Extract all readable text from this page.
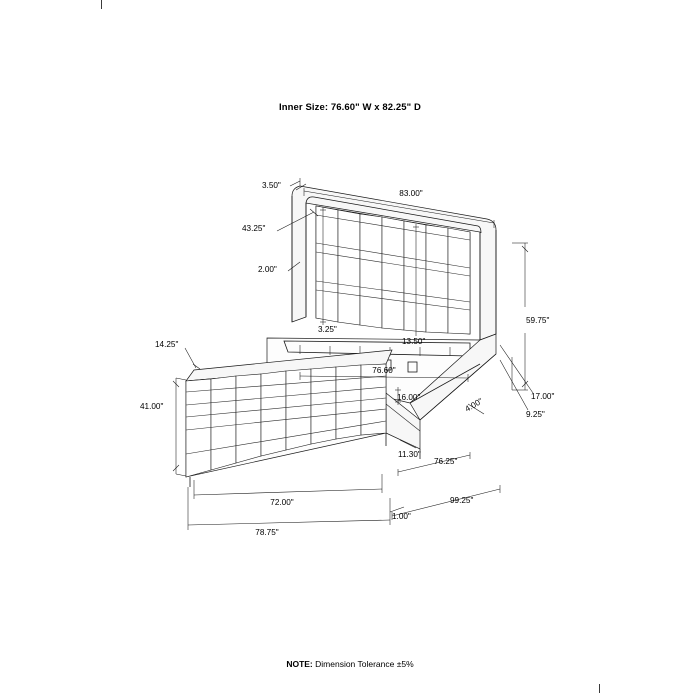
Inner Size: 76.60" W x 82.25" D
3.50"
83.00"
43.25"
2.00"
3.25"
13.50"
14.25"
76.60"
59.75"
17.00"
9.25"
16.00"	4.00"
41.00"
11.30"
76.25"
72.00"
1.00"
99.25"
78.75"
NOTE: Dimension Tolerance ±5%
